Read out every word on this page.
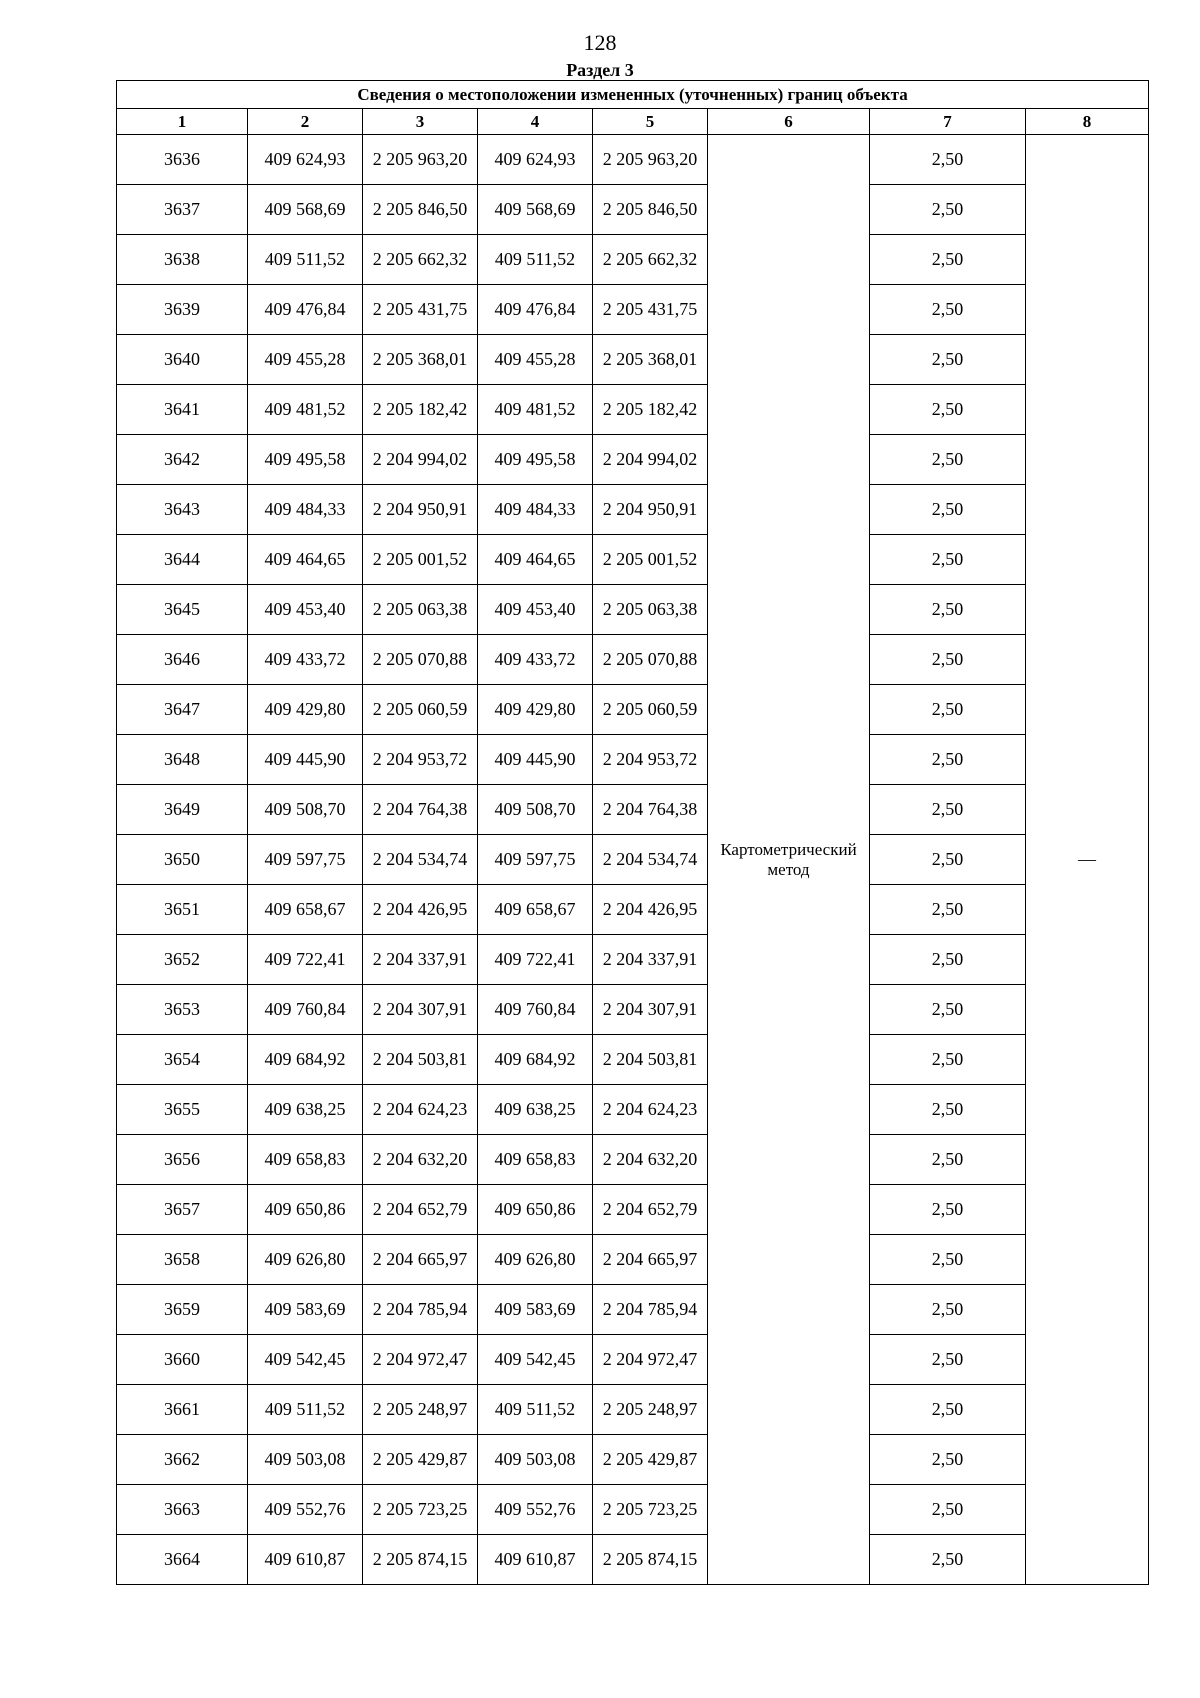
128
Раздел 3
Сведения о местоположении измененных (уточненных) границ объекта							
1	2	3	4	5	6	7	8
3636	409 624,93	2 205 963,20	409 624,93	2 205 963,20	Картометрический метод	2,50	—
3637	409 568,69	2 205 846,50	409 568,69	2 205 846,50		2,50	
3638	409 511,52	2 205 662,32	409 511,52	2 205 662,32		2,50	
3639	409 476,84	2 205 431,75	409 476,84	2 205 431,75		2,50	
3640	409 455,28	2 205 368,01	409 455,28	2 205 368,01		2,50	
3641	409 481,52	2 205 182,42	409 481,52	2 205 182,42		2,50	
3642	409 495,58	2 204 994,02	409 495,58	2 204 994,02		2,50	
3643	409 484,33	2 204 950,91	409 484,33	2 204 950,91		2,50	
3644	409 464,65	2 205 001,52	409 464,65	2 205 001,52		2,50	
3645	409 453,40	2 205 063,38	409 453,40	2 205 063,38		2,50	
3646	409 433,72	2 205 070,88	409 433,72	2 205 070,88		2,50	
3647	409 429,80	2 205 060,59	409 429,80	2 205 060,59		2,50	
3648	409 445,90	2 204 953,72	409 445,90	2 204 953,72		2,50	
3649	409 508,70	2 204 764,38	409 508,70	2 204 764,38		2,50	
3650	409 597,75	2 204 534,74	409 597,75	2 204 534,74		2,50	
3651	409 658,67	2 204 426,95	409 658,67	2 204 426,95		2,50	
3652	409 722,41	2 204 337,91	409 722,41	2 204 337,91		2,50	
3653	409 760,84	2 204 307,91	409 760,84	2 204 307,91		2,50	
3654	409 684,92	2 204 503,81	409 684,92	2 204 503,81		2,50	
3655	409 638,25	2 204 624,23	409 638,25	2 204 624,23		2,50	
3656	409 658,83	2 204 632,20	409 658,83	2 204 632,20		2,50	
3657	409 650,86	2 204 652,79	409 650,86	2 204 652,79		2,50	
3658	409 626,80	2 204 665,97	409 626,80	2 204 665,97		2,50	
3659	409 583,69	2 204 785,94	409 583,69	2 204 785,94		2,50	
3660	409 542,45	2 204 972,47	409 542,45	2 204 972,47		2,50	
3661	409 511,52	2 205 248,97	409 511,52	2 205 248,97		2,50	
3662	409 503,08	2 205 429,87	409 503,08	2 205 429,87		2,50	
3663	409 552,76	2 205 723,25	409 552,76	2 205 723,25		2,50	
3664	409 610,87	2 205 874,15	409 610,87	2 205 874,15		2,50	
